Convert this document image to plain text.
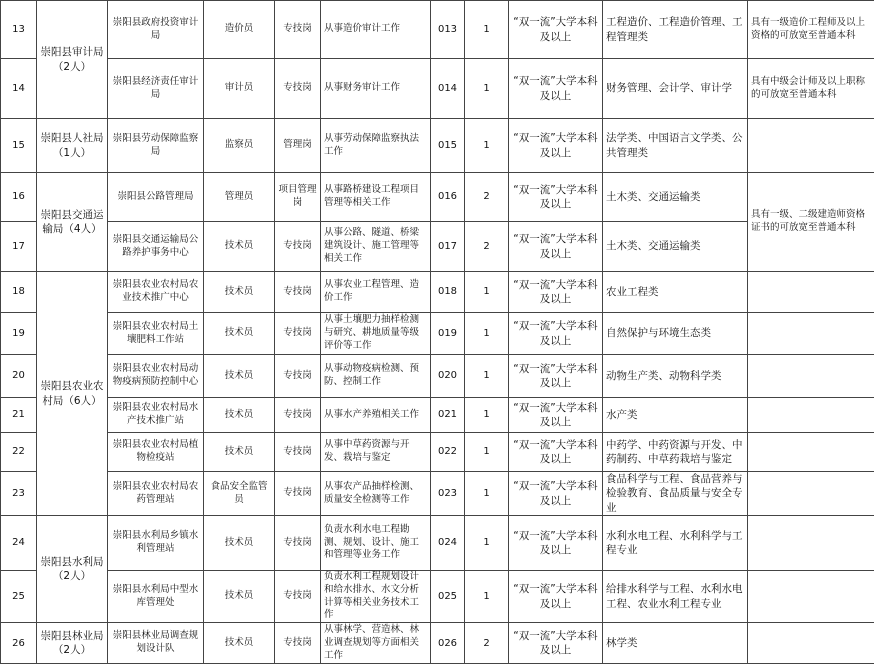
13	崇阳县审计局（2人）	崇阳县政府投资审计局	造价员	专技岗	从事造价审计工作	013	1	“双一流”大学本科及以上	工程造价、工程造价管理、工程管理类	具有一级造价工程师及以上资格的可放宽至普通本科
14		崇阳县经济责任审计局	审计员	专技岗	从事财务审计工作	014	1	“双一流”大学本科及以上	财务管理、会计学、审计学	具有中级会计师及以上职称的可放宽至普通本科
15	崇阳县人社局（1人）	崇阳县劳动保障监察局	监察员	管理岗	从事劳动保障监察执法工作	015	1	“双一流”大学本科及以上	法学类、中国语言文学类、公共管理类	
16	崇阳县交通运输局（4人）	崇阳县公路管理局	管理员	项目管理岗	从事路桥建设工程项目管理等相关工作	016	2	“双一流”大学本科及以上	土木类、交通运输类	具有一级、二级建造师资格证书的可放宽至普通本科
17		崇阳县交通运输局公路养护事务中心	技术员	专技岗	从事公路、隧道、桥梁建筑设计、施工管理等相关工作	017	2	“双一流”大学本科及以上	土木类、交通运输类	
18	崇阳县农业农村局（6人）	崇阳县农业农村局农业技术推广中心	技术员	专技岗	从事农业工程管理、造价工作	018	1	“双一流”大学本科及以上	农业工程类	
19		崇阳县农业农村局土壤肥料工作站	技术员	专技岗	从事土壤肥力抽样检测与研究、耕地质量等级评价等工作	019	1	“双一流”大学本科及以上	自然保护与环境生态类	
20		崇阳县农业农村局动物疫病预防控制中心	技术员	专技岗	从事动物疫病检测、预防、控制工作	020	1	“双一流”大学本科及以上	动物生产类、动物科学类	
21		崇阳县农业农村局水产技术推广站	技术员	专技岗	从事水产养殖相关工作	021	1	“双一流”大学本科及以上	水产类	
22		崇阳县农业农村局植物检疫站	技术员	专技岗	从事中草药资源与开发、栽培与鉴定	022	1	“双一流”大学本科及以上	中药学、中药资源与开发、中药制药、中草药栽培与鉴定	
23		崇阳县农业农村局农药管理站	食品安全监管员	专技岗	从事农产品抽样检测、质量安全检测等工作	023	1	“双一流”大学本科及以上	食品科学与工程、食品营养与检验教育、食品质量与安全专业	
24	崇阳县水利局（2人）	崇阳县水利局乡镇水利管理站	技术员	专技岗	负责水利水电工程勘测、规划、设计、施工和管理等业务工作	024	1	“双一流”大学本科及以上	水利水电工程、水利科学与工程专业	
25		崇阳县水利局中型水库管理处	技术员	专技岗	负责水利工程规划设计和给水排水、水文分析计算等相关业务技术工作	025	1	“双一流”大学本科及以上	给排水科学与工程、水利水电工程、农业水利工程专业	
26	崇阳县林业局（2人）	崇阳县林业局调查规划设计队	技术员	专技岗	从事林学、营造林、林业调查规划等方面相关工作	026	2	“双一流”大学本科及以上	林学类	
